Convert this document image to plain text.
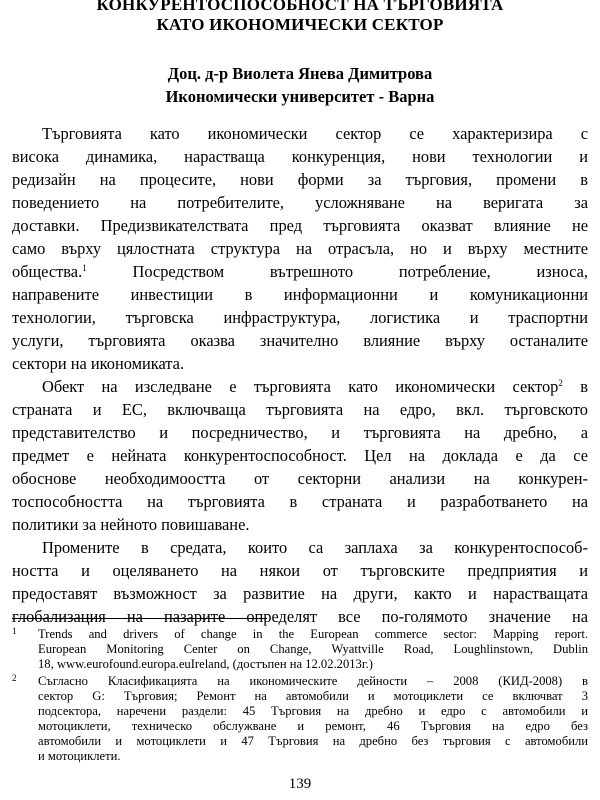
КОНКУРЕНТОСПОСОБНОСТ НА ТЪРГОВИЯТА
КАТО ИКОНОМИЧЕСКИ СЕКТОР
Доц. д-р Виолета Янева Димитрова
Икономически университет - Варна
Търговията като икономически сектор се характеризира с
висока динамика, нарастваща конкуренция, нови технологии и
редизайн на процесите, нови форми за търговия, промени в
поведението на потребителите, усложняване на веригата за
доставки. Предизвикателствата пред търговията оказват влияние не
само върху цялостната структура на отрасъла, но и върху местните
общества.$^1$	Посредством вътрешното потребление, износа,
направените инвестиции в информационни и комуникационни
технологии, търговска инфраструктура, логистика и траспортни
услуги, търговията оказва значително влияние върху останалите
сектори на икономиката.
Обект на изследване е търговията като икономически сектор$^2$ в
страната и ЕС, включваща търговията на едро, вкл. търговското
представителство и посредничество, и търговията на дребно, а
предмет е нейната конкурентоспособност. Цел на доклада е да се
обоснове необходимоостта от секторни анализи на конкурен-
тоспособността на търговията в страната и разработването на
политики за нейното повишаване.
Промените в средата, които са заплаха за конкурентоспособ-
ността и оцеляването на някои от търговските предприятия и
предоставят възможност за развитие на други, както и нарастващата
глобализация на пазарите определят все по-голямото значение на
1 Trends and drivers of change in the European commerce sector: Mapping report.
European Monitoring Center on Change, Wyattville Road, Loughlinstown, Dublin
18, www.eurofound.europa.euIreland, (достъпен на 12.02.2013г.)
2 Съгласно Класификацията на икономическите дейности – 2008 (КИД-2008) в
сектор G: Търговия; Ремонт на автомобили и мотоциклети се включват 3
подсектора, наречени раздели: 45 Търговия на дребно и едро с автомобили и
мотоциклети, техническо обслужване и ремонт, 46 Търговия на едро без
автомобили и мотоциклети и 47 Търговия на дребно без търговия с автомобили
и мотоциклети.
139
